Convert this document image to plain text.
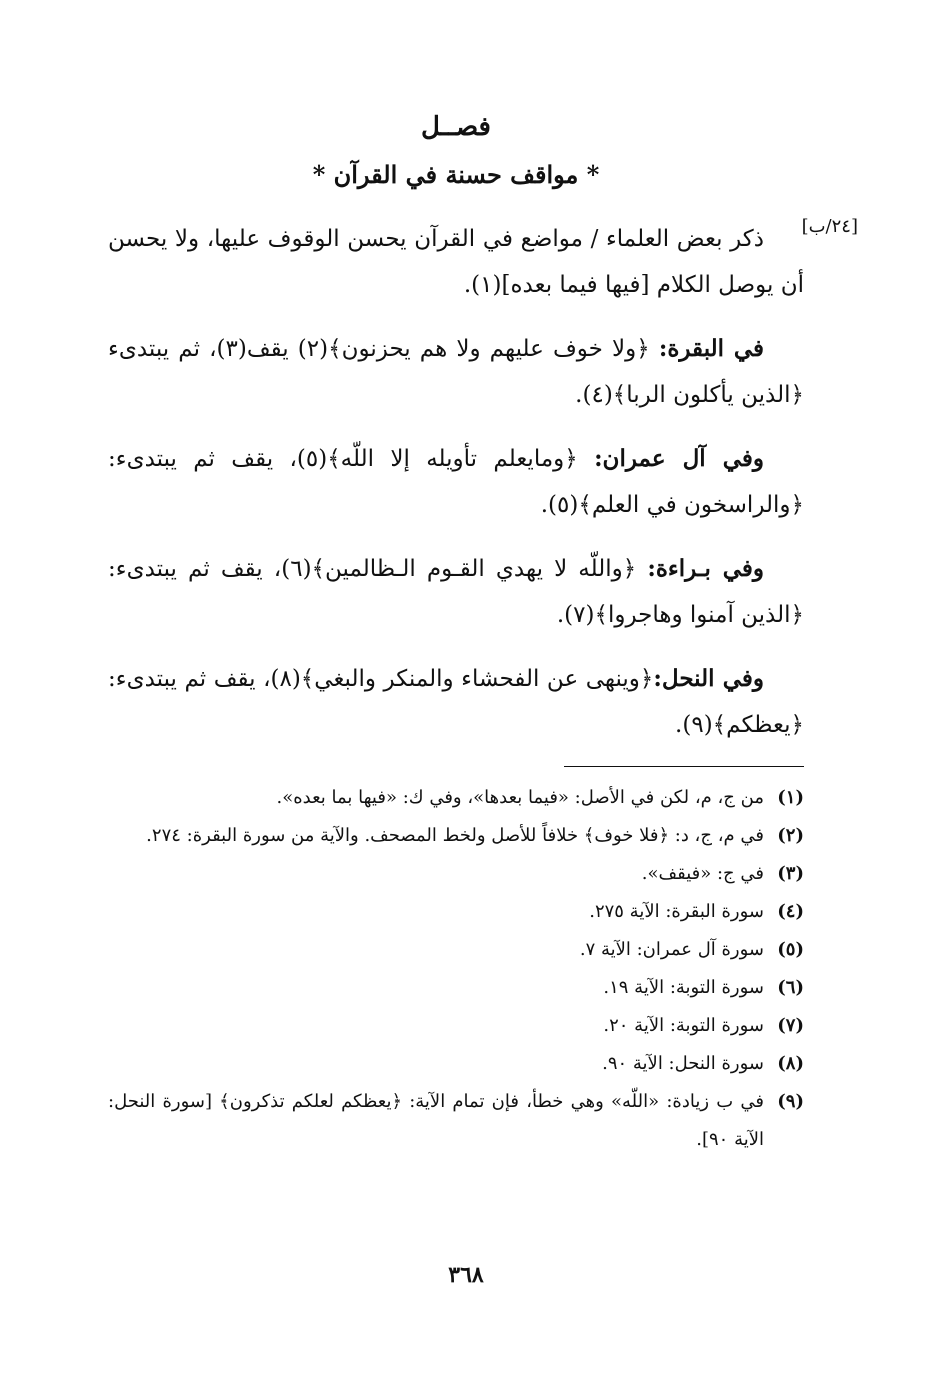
فصــل
* مواقف حسنة في القرآن *
[٢٤/ب]

ذكر بعض العلماء / مواضع في القرآن يحسن الوقوف عليها، ولا يحسن أن يوصل الكلام [فيها فيما بعده](١).

في البقرة: ﴿ولا خوف عليهم ولا هم يحزنون﴾(٢) يقف(٣)، ثم يبتدىء ﴿الذين يأكلون الربا﴾(٤).

وفي آل عمران: ﴿ومايعلم تأويله إلا اللّه﴾(٥)، يقف ثم يبتدىء: ﴿والراسخون في العلم﴾(٥).

وفي بـراءة: ﴿واللّه لا يهدي القـوم الـظالمين﴾(٦)، يقف ثم يبتدىء: ﴿الذين آمنوا وهاجروا﴾(٧).

وفي النحل:﴿وينهى عن الفحشاء والمنكر والبغي﴾(٨)، يقف ثم يبتدىء: ﴿يعظكم﴾(٩).

(١)
من ج، م، لكن في الأصل: «فيما بعدها»، وفي ك: «فيها بما بعده».
(٢)
في م، ج، د: ﴿فلا خوف﴾ خلافاً للأصل ولخط المصحف. والآية من سورة البقرة: ٢٧٤.
(٣)
في ج: «فيقف».
(٤)
سورة البقرة: الآية ٢٧٥.
(٥)
سورة آل عمران: الآية ٧.
(٦)
سورة التوبة: الآية ١٩.
(٧)
سورة التوبة: الآية ٢٠.
(٨)
سورة النحل: الآية ٩٠.
(٩)
في ب زيادة: «اللّه» وهي خطأ، فإن تمام الآية: ﴿يعظكم لعلكم تذكرون﴾ [سورة النحل: الآية ٩٠].
٣٦٨
